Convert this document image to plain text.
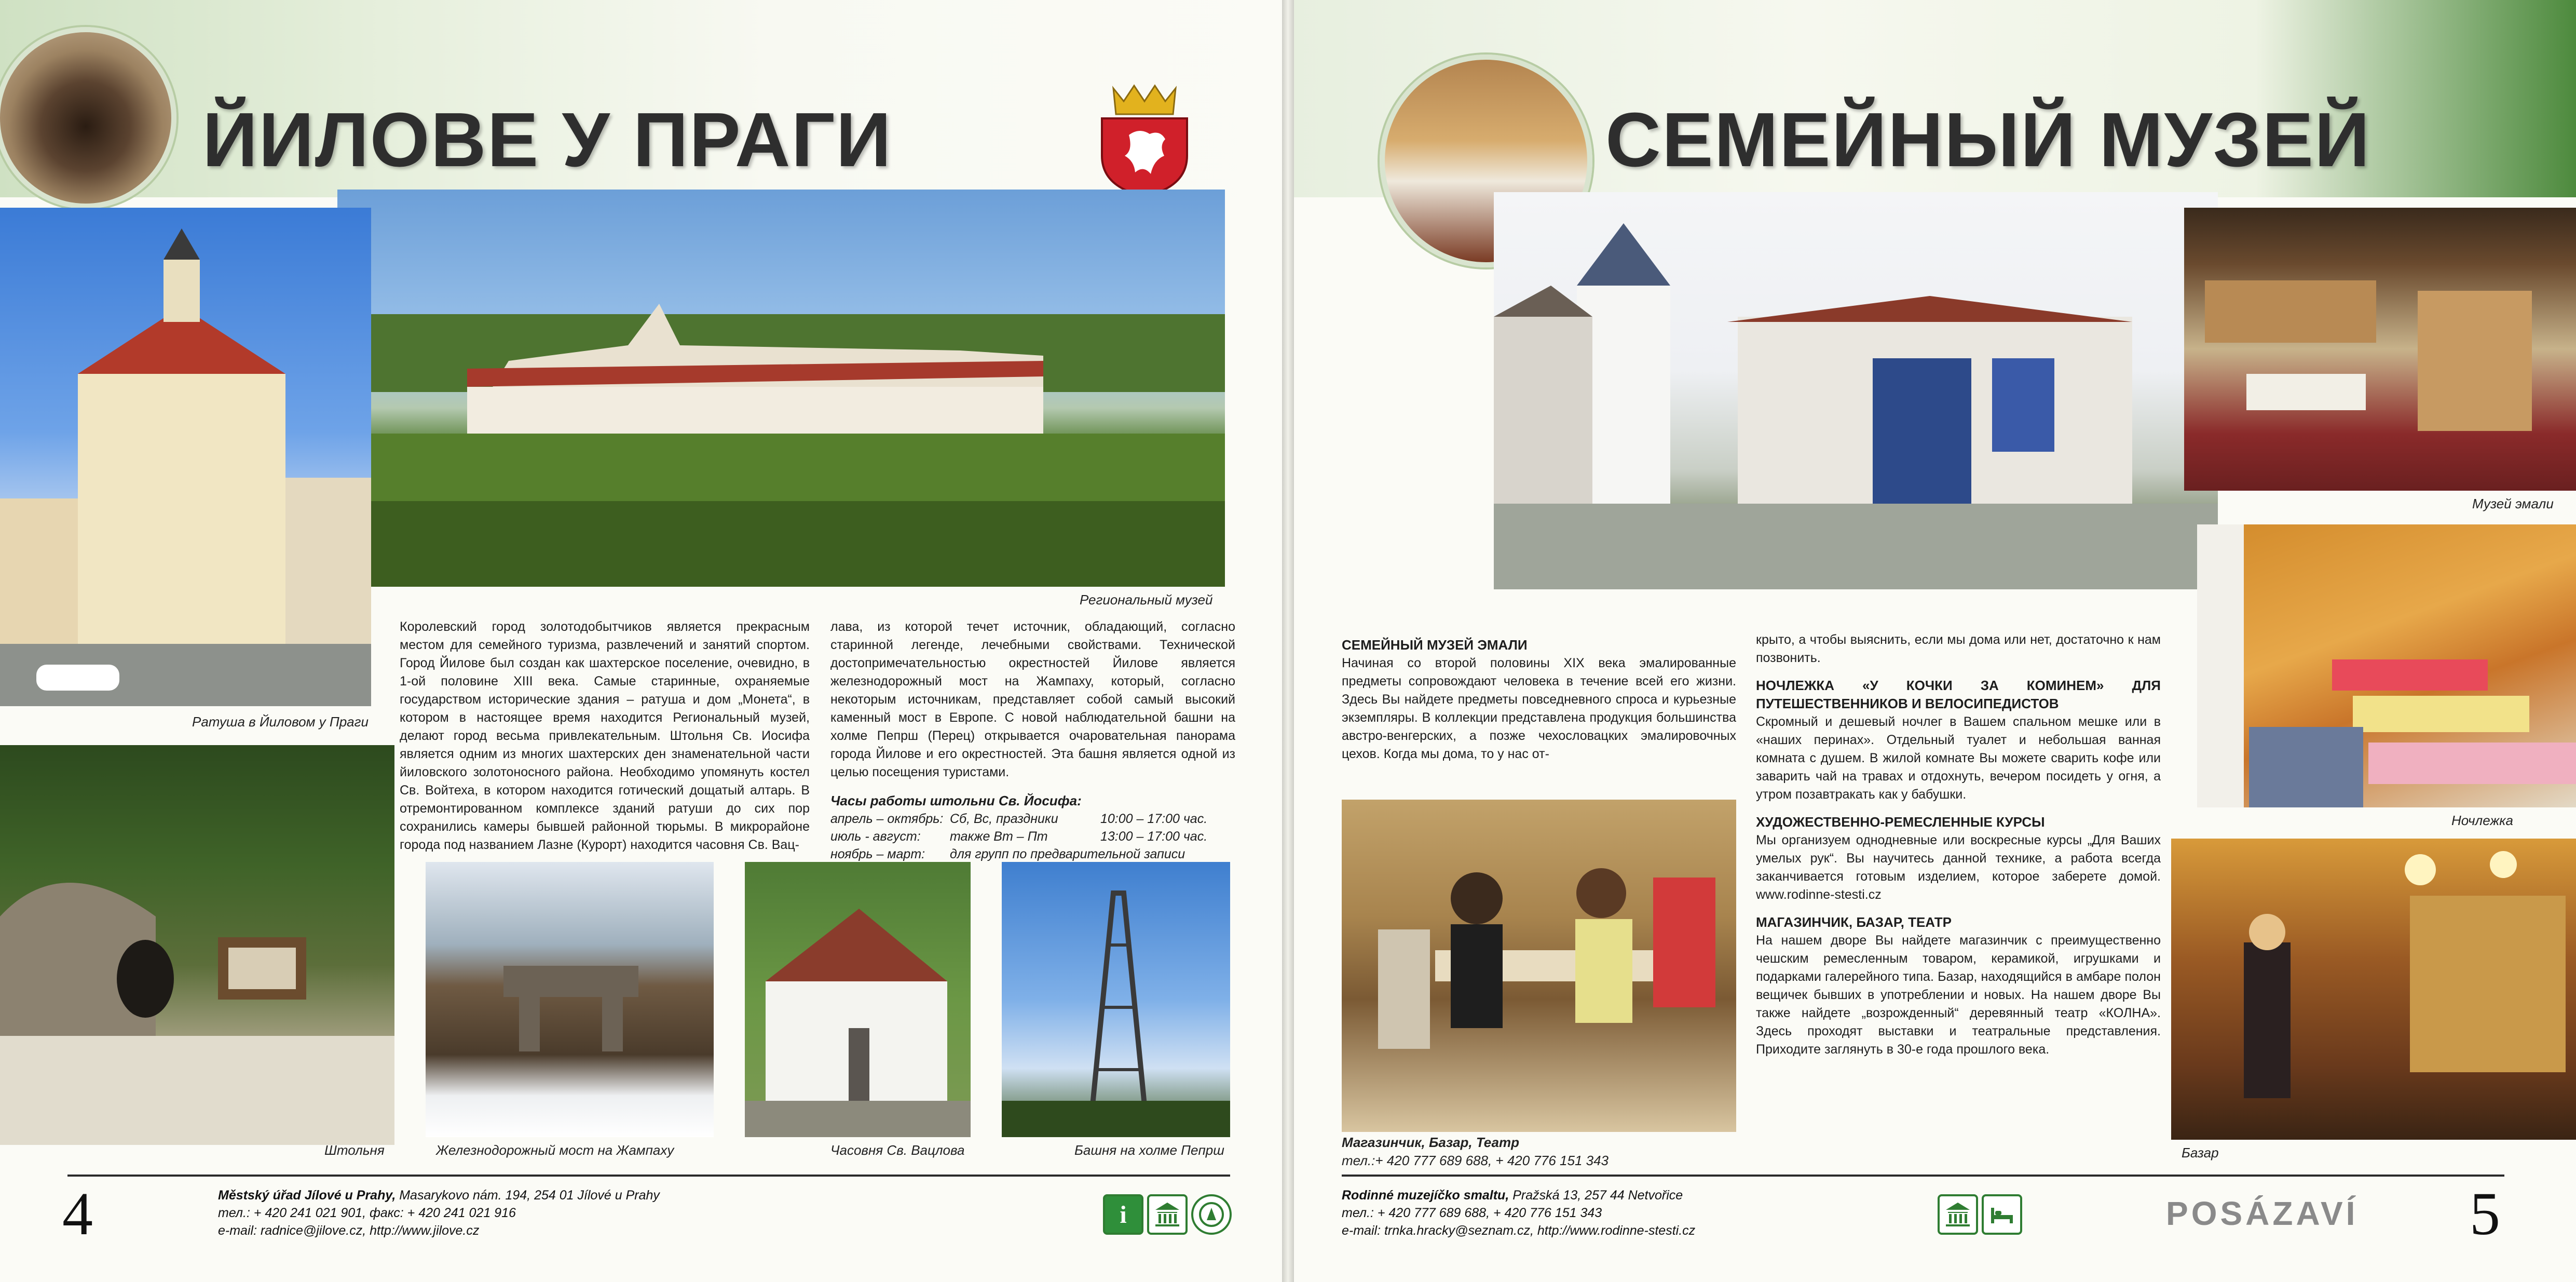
ЙИЛОВЕ У ПРАГИ
Региональный музей
Ратуша в Йиловом у Праги
Штольня	Железнодорожный мост на Жампаху	Часовня Св. Вацлова	Башня на холме Пепрш

Королевский город золотодобытчиков является прекрасным местом для семейного туризма, развлечений и занятий спортом. Город Йилове был создан как шахтерское поселение, очевидно, в 1-ой половине XIII века. Самые старинные, охраняемые государством исторические здания – ратуша и дом „Монета“, в котором в настоящее время находится Региональный музей, делают город весьма привлекательным. Штольня Св. Иосифа является одним из многих шахтерских ден знаменательной части йиловского золотоносного района. Необходимо упомянуть костел Св. Войтеха, в котором находится готический дощатый алтарь. В отремонтированном комплексе зданий ратуши до сих пор сохранились камеры бывшей районной тюрьмы. В микрорайоне города под названием Лазне (Курорт) находится часовня Св. Вац-

лава, из которой течет источник, обладающий, согласно старинной легенде, лечебными свойствами. Технической достопримечательностью окрестностей Йилове является железнодорожный мост на Жампаху, который, согласно некоторым источникам, представляет собой самый высокий каменный мост в Европе. С новой наблюдательной башни на холме Пепрш (Перец) открывается очаровательная панорама города Йилове и его окрестностей. Эта башня является одной из целью посещения туристами.

Часы работы штольни Св. Йосифа:
апрель – октябрь: Сб, Вс, праздники	10:00 – 17:00 час.
июль - август:	также Вт – Пт	13:00 – 17:00 час.
ноябрь – март:	для групп по предварительной записи
4	Městský úřad Jílové u Prahy, Masarykovo nám. 194, 254 01 Jílové u Prahy
тел.: + 420 241 021 901, факс: + 420 241 021 916
e-mail: radnice@jilove.cz, http://www.jilove.cz
i
СЕМЕЙНЫЙ МУЗЕЙ
Магазинчик, Базар, Театр
тел.:+ 420 777 689 688, + 420 776 151 343
Музей эмали
Ночлежка
Базар
СЕМЕЙНЫЙ МУЗЕЙ ЭМАЛИ

Начиная со второй половины XIX века эмалированные предметы сопровождают человека в течение всей его жизни. Здесь Вы найдете предметы повседневного спроса и курьезные экземпляры. В коллекции представлена продукция большинства австро-венгерских, а позже чехословацких эмалировочных цехов. Когда мы дома, то у нас от-

крыто, а чтобы выяснить, если мы дома или нет, достаточно к нам позвонить.

НОЧЛЕЖКА «У КОЧКИ ЗА КОМИНЕМ» ДЛЯ ПУТЕШЕСТВЕННИКОВ И ВЕЛОСИПЕДИСТОВ

Скромный и дешевый ночлег в Вашем спальном мешке или в «наших перинах». Отдельный туалет и небольшая ванная комната с душем. В жилой комнате Вы можете сварить кофе или заварить чай на травах и отдохнуть, вечером посидеть у огня, а утром позавтракать как у бабушки.

ХУДОЖЕСТВЕННО-РЕМЕСЛЕННЫЕ КУРСЫ

Мы организуем однодневные или воскресные курсы „Для Ваших умелых рук“. Вы научитесь данной технике, а работа всегда заканчивается готовым изделием, которое заберете домой. www.rodinne-stesti.cz

МАГАЗИНЧИК, БАЗАР, ТЕАТР

На нашем дворе Вы найдете магазинчик с преимущественно чешским ремесленным товаром, керамикой, игрушками и подарками галерейного типа. Базар, находящийся в амбаре полон вещичек бывших в употреблении и новых. На нашем дворе Вы также найдете „возрожденный“ деревянный театр «КОЛНА». Здесь проходят выставки и театральные представления. Приходите заглянуть в 30-е года прошлого века.

Rodinné muzejíčko smaltu, Pražská 13, 257 44 Netvořice
тел.: + 420 777 689 688, + 420 776 151 343
e-mail: trnka.hracky@seznam.cz, http://www.rodinne-stesti.cz	POSÁZAVÍ 5
